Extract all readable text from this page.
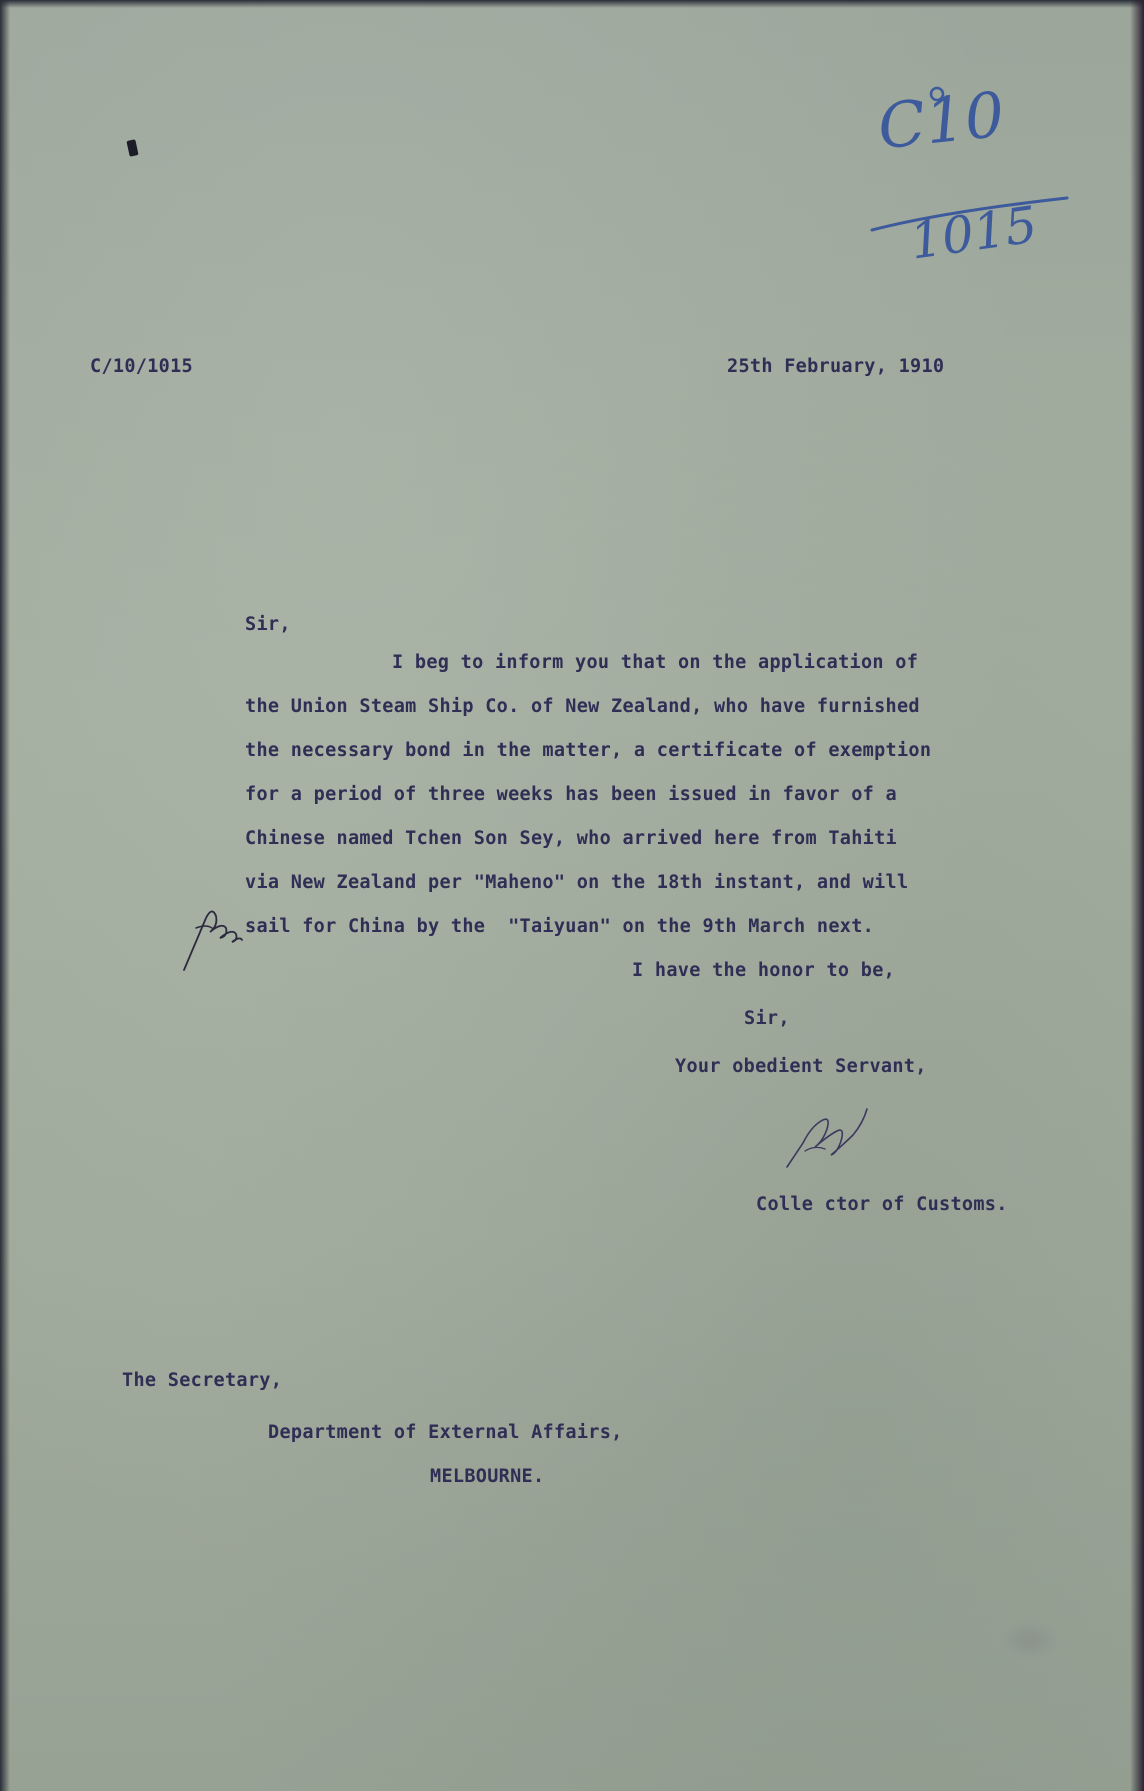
C10
1015
C/10/1015	25th February, 1910
Sir,
I beg to inform you that on the application of
the Union Steam Ship Co. of New Zealand, who have furnished
the necessary bond in the matter, a certificate of exemption
for a period of three weeks has been issued in favor of a
Chinese named Tchen Son Sey, who arrived here from Tahiti
via New Zealand per "Maheno" on the 18th instant, and will
sail for China by the  "Taiyuan" on the 9th March next.
I have the honor to be,
Sir,
Your obedient Servant,
Colle ctor of Customs.
The Secretary,
Department of External Affairs,
MELBOURNE.
